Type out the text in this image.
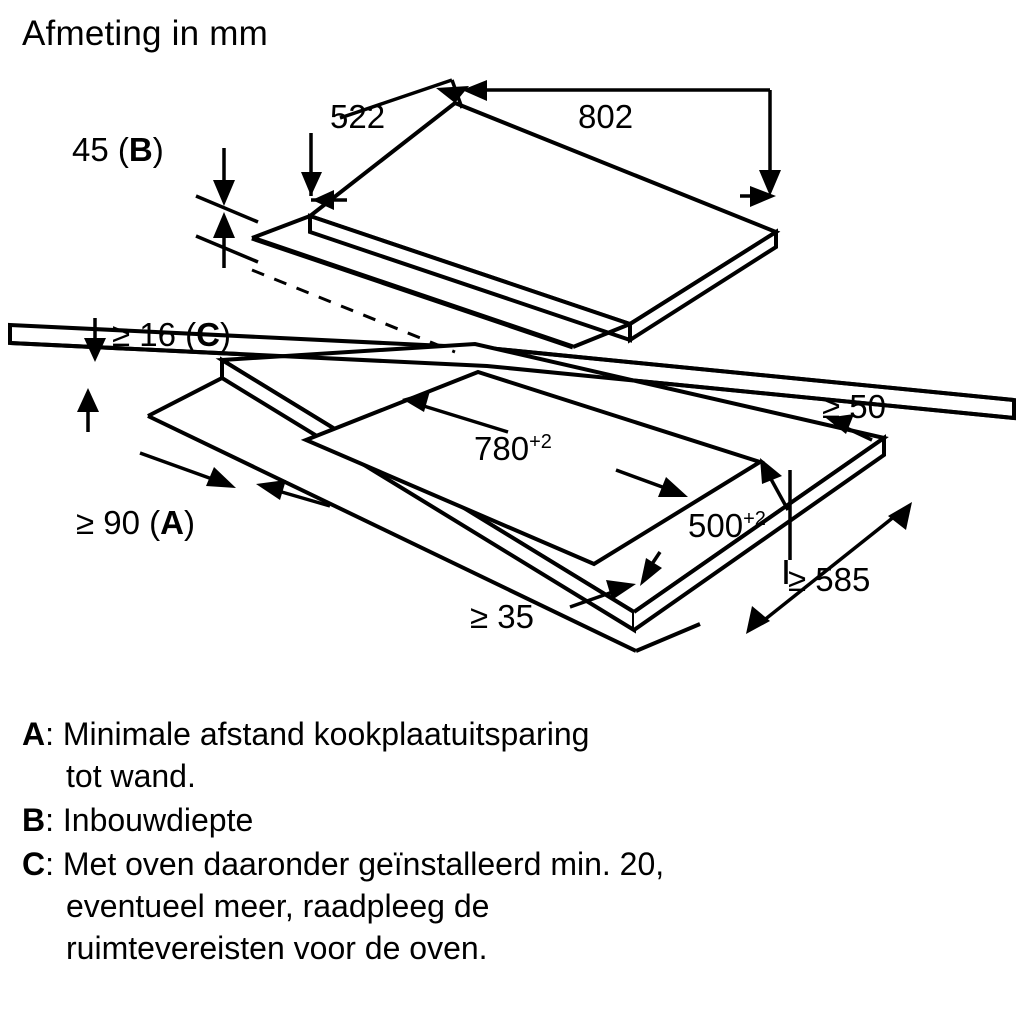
Afmeting in mm
522	802
45 (B)
≥ 16 (C)
≥ 90 (A)
$780^{+2}$
$500^{+2}$
≥ 50
≥ 35
≥ 585
A: Minimale afstand kookplaatuitsparing
tot wand.
B: Inbouwdiepte
C: Met oven daaronder geïnstalleerd min. 20,
eventueel meer, raadpleeg de
ruimtevereisten voor de oven.
